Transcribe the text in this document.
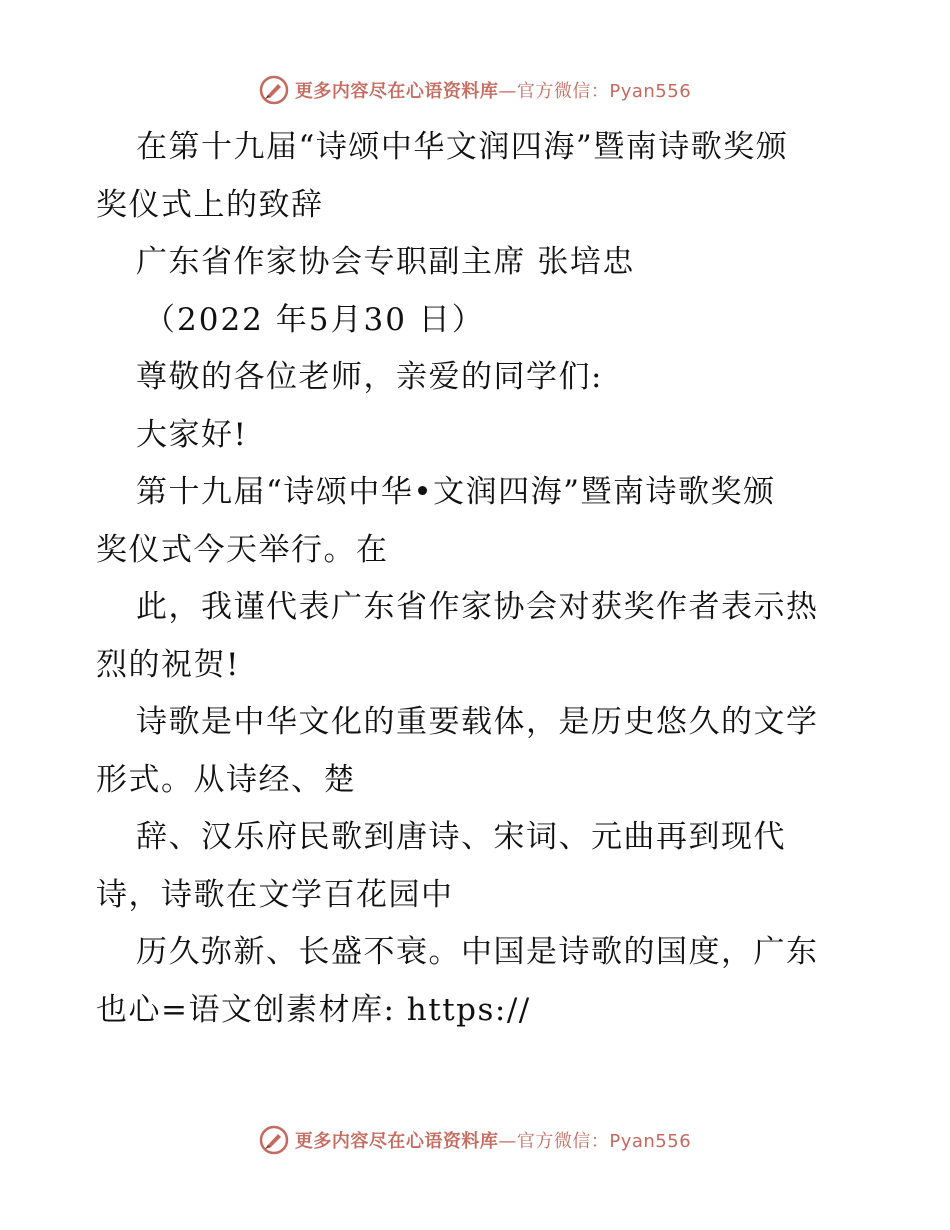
更多内容尽在心语资料库—官方微信：Pyan556
在第十九届“诗颂中华文润四海”暨南诗歌奖颁
奖仪式上的致辞
广东省作家协会专职副主席 张培忠
（2022 年5月30 日）
尊敬的各位老师，亲爱的同学们:
大家好!
第十九届“诗颂中华•文润四海”暨南诗歌奖颁
奖仪式今天举行。在
此，我谨代表广东省作家协会对获奖作者表示热
烈的祝贺!
诗歌是中华文化的重要载体，是历史悠久的文学
形式。从诗经、楚
辞、汉乐府民歌到唐诗、宋词、元曲再到现代
诗，诗歌在文学百花园中
历久弥新、长盛不衰。中国是诗歌的国度，广东
也心=语文创素材库: https://
更多内容尽在心语资料库—官方微信：Pyan556
